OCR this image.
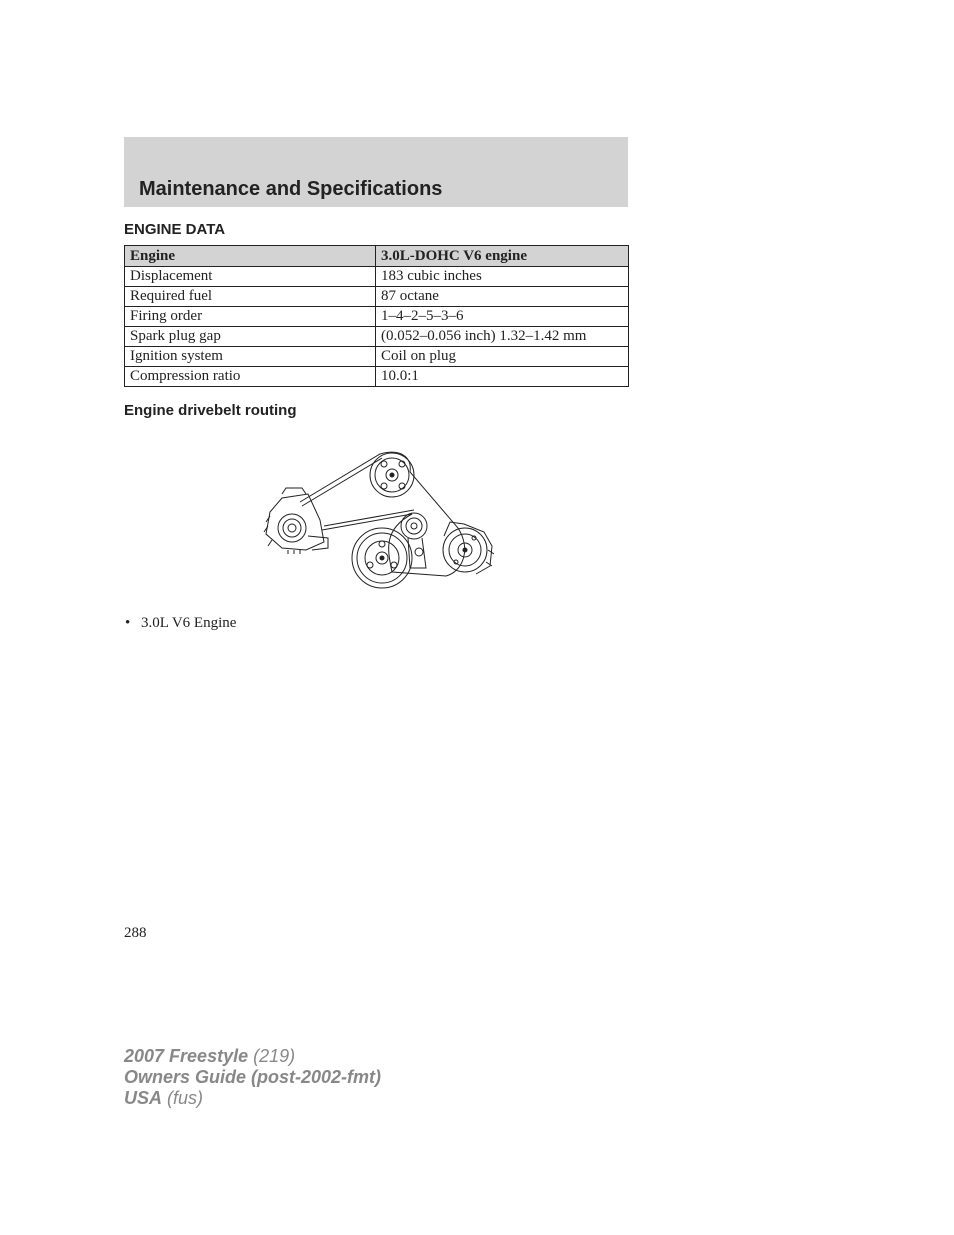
Maintenance and Specifications
ENGINE DATA
Engine	3.0L-DOHC V6 engine
Displacement	183 cubic inches
Required fuel	87 octane
Firing order	1–4–2–5–3–6
Spark plug gap	(0.052–0.056 inch) 1.32–1.42 mm
Ignition system	Coil on plug
Compression ratio	10.0:1
Engine drivebelt routing
• 3.0L V6 Engine
288
2007 Freestyle (219)
Owners Guide (post-2002-fmt)
USA (fus)
